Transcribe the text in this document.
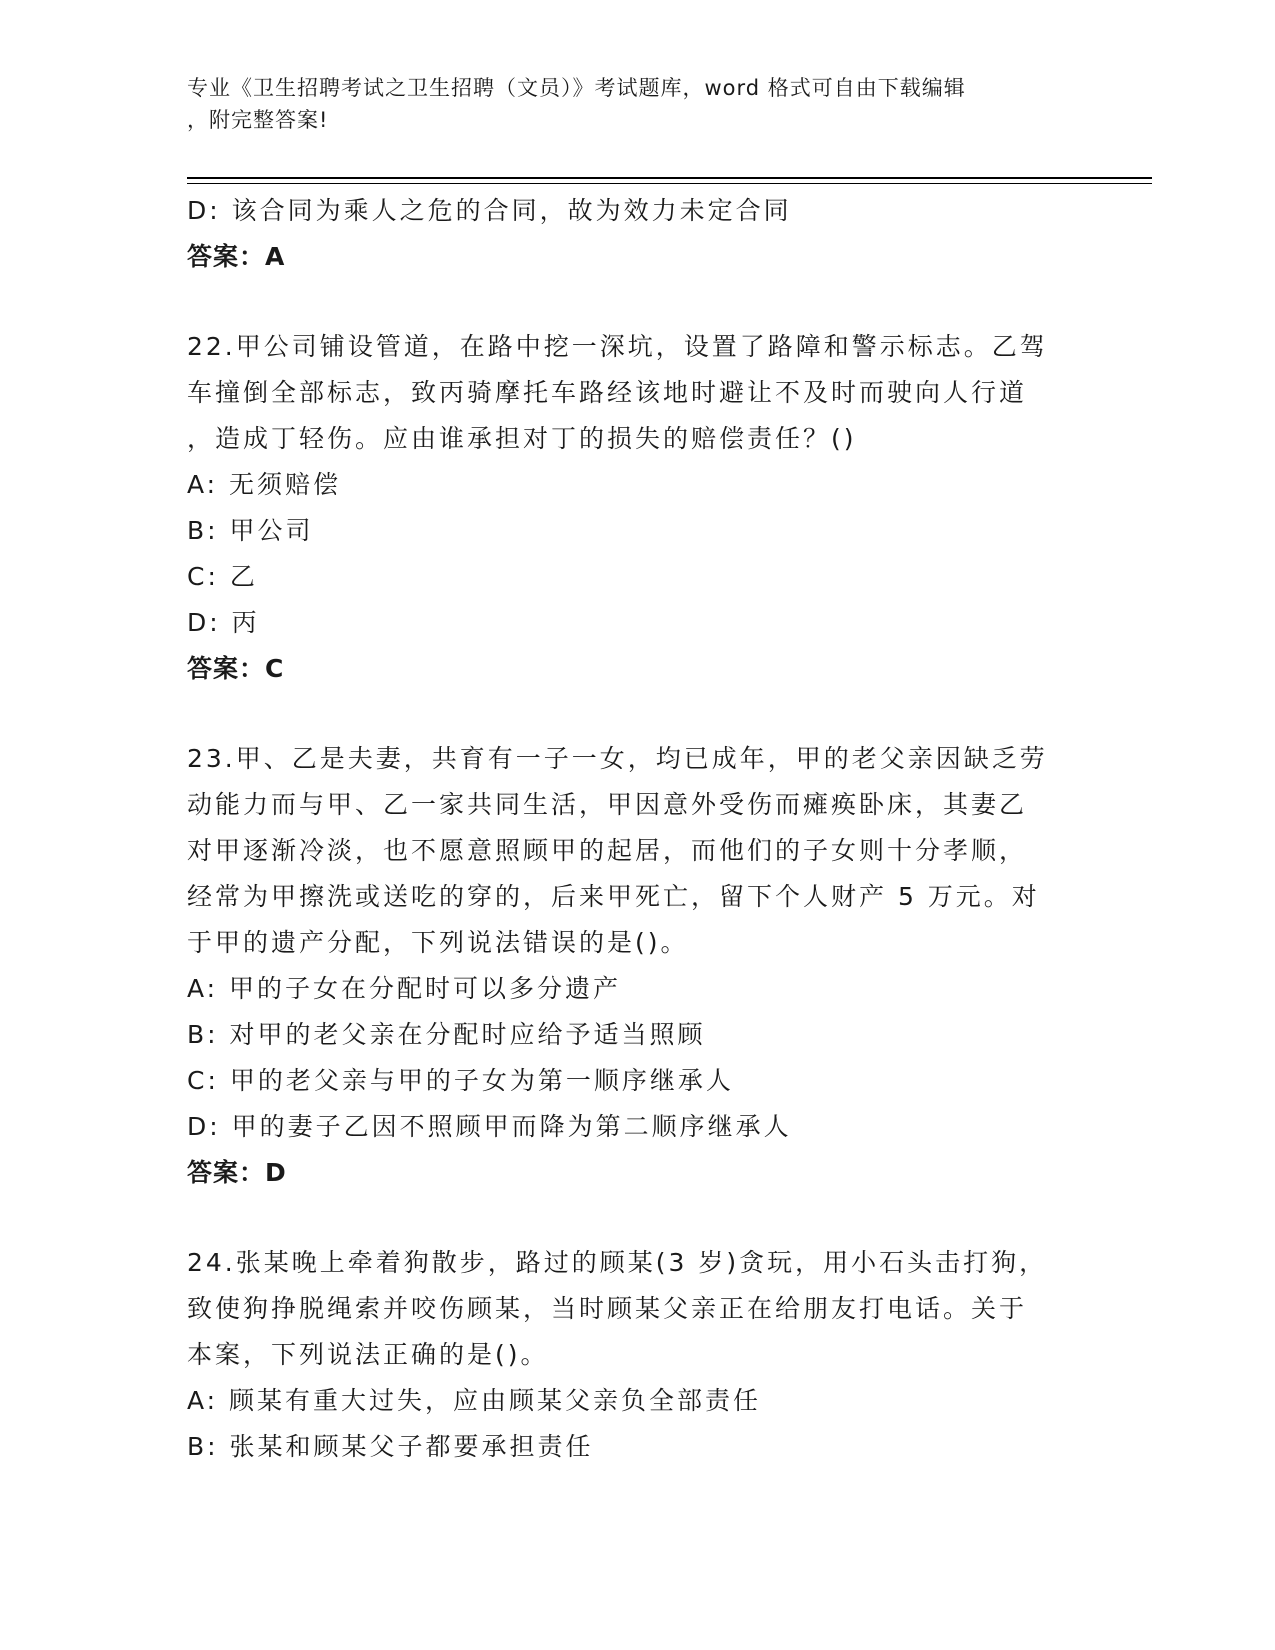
专业《卫生招聘考试之卫生招聘（文员）》考试题库，word 格式可自由下载编辑
，附完整答案!
D: 该合同为乘人之危的合同，故为效力未定合同
答案：A
22.甲公司铺设管道，在路中挖一深坑，设置了路障和警示标志。乙驾
车撞倒全部标志，致丙骑摩托车路经该地时避让不及时而驶向人行道
，造成丁轻伤。应由谁承担对丁的损失的赔偿责任？()
A: 无须赔偿
B: 甲公司
C: 乙
D: 丙
答案：C
23.甲、乙是夫妻，共育有一子一女，均已成年，甲的老父亲因缺乏劳
动能力而与甲、乙一家共同生活，甲因意外受伤而瘫痪卧床，其妻乙
对甲逐渐冷淡，也不愿意照顾甲的起居，而他们的子女则十分孝顺，
经常为甲擦洗或送吃的穿的，后来甲死亡，留下个人财产 5 万元。对
于甲的遗产分配，下列说法错误的是()。
A: 甲的子女在分配时可以多分遗产
B: 对甲的老父亲在分配时应给予适当照顾
C: 甲的老父亲与甲的子女为第一顺序继承人
D: 甲的妻子乙因不照顾甲而降为第二顺序继承人
答案：D
24.张某晚上牵着狗散步，路过的顾某(3 岁)贪玩，用小石头击打狗，
致使狗挣脱绳索并咬伤顾某，当时顾某父亲正在给朋友打电话。关于
本案，下列说法正确的是()。
A: 顾某有重大过失，应由顾某父亲负全部责任
B: 张某和顾某父子都要承担责任
